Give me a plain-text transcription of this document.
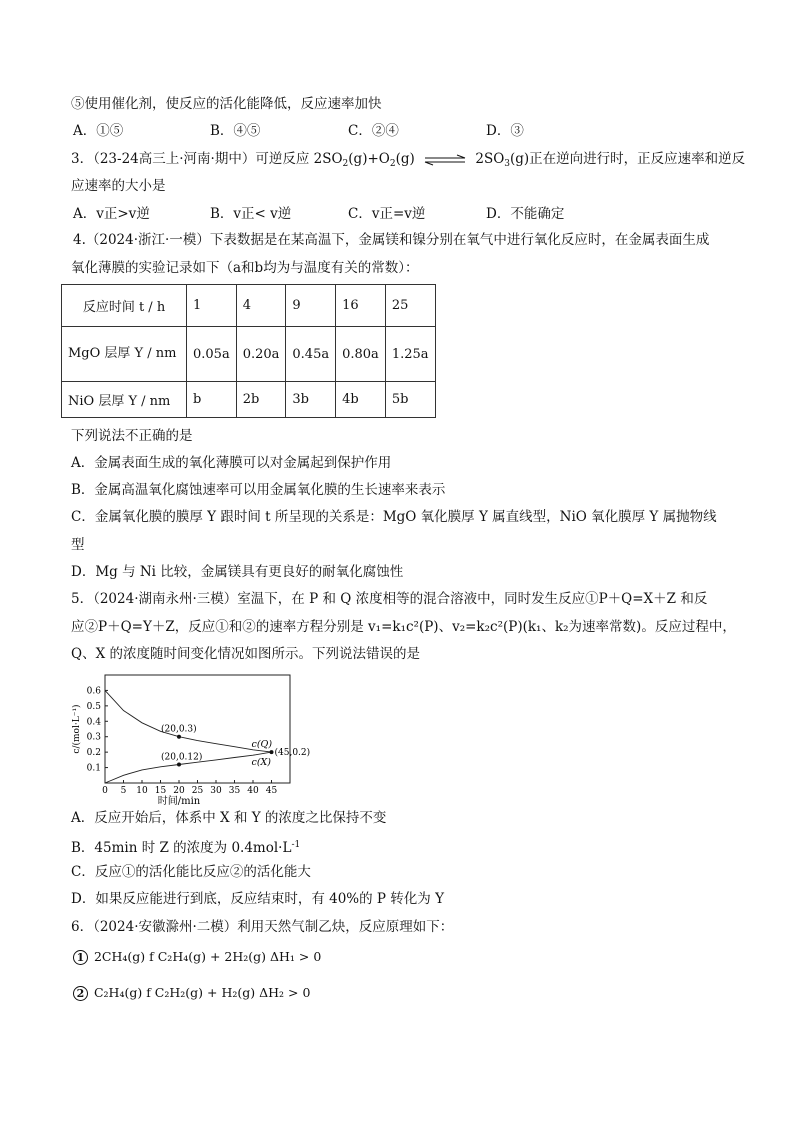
⑤使用催化剂，使反应的活化能降低，反应速率加快
A．①⑤	B．④⑤	C．②④	D．③
3．（23-24高三上·河南·期中）可逆反应 $2SO_2(g)+O_2(g)$ ⇌ $2SO_3(g)$正在逆向进行时，正反应速率和逆反
应速率的大小是
A．v正>v逆	B．v正< v逆	C．v正=v逆	D．不能确定
4.（2024·浙江·一模）下表数据是在某高温下，金属镁和镍分别在氧气中进行氧化反应时，在金属表面生成
氧化薄膜的实验记录如下（a和b均为与温度有关的常数）：
反应时间 t / h	1	4	9	16	25
MgO 层厚 Y / nm	0.05a	0.20a	0.45a	0.80a	1.25a
NiO 层厚 Y / nm	b	2b	3b	4b	5b
下列说法不正确的是
A．金属表面生成的氧化薄膜可以对金属起到保护作用
B．金属高温氧化腐蚀速率可以用金属氧化膜的生长速率来表示
C．金属氧化膜的膜厚 Y 跟时间 t 所呈现的关系是：MgO 氧化膜厚 Y 属直线型，NiO 氧化膜厚 Y 属抛物线
型
D．Mg 与 Ni 比较，金属镁具有更良好的耐氧化腐蚀性
5．（2024·湖南永州·三模）室温下，在 P 和 Q 浓度相等的混合溶液中，同时发生反应①P＋Q=X＋Z 和反
应②P＋Q=Y＋Z，反应①和②的速率方程分别是 v₁=k₁c²(P)、v₂=k₂c²(P)(k₁、k₂为速率常数)。反应过程中，
Q、X 的浓度随时间变化情况如图所示。下列说法错误的是
0.1
0.2
0.3
0.4
0.5
0.6
0 5 10 15 20 25 30 35 40 45
时间/min
c/(mol·L⁻¹)	c(Q)
c(X)
(20,0.3)
(20,0.12)	(45,0.2)
A．反应开始后，体系中 X 和 Y 的浓度之比保持不变
B．45min 时 Z 的浓度为 $0.4mol\cdot L^{-1}$
C．反应①的活化能比反应②的活化能大
D．如果反应能进行到底，反应结束时，有 40%的 P 转化为 Y
6．（2024·安徽滁州·二模）利用天然气制乙炔，反应原理如下：
1 2CH₄(g) f C₂H₄(g) + 2H₂(g) ΔH₁ > 0
2 C₂H₄(g) f C₂H₂(g) + H₂(g) ΔH₂ > 0
